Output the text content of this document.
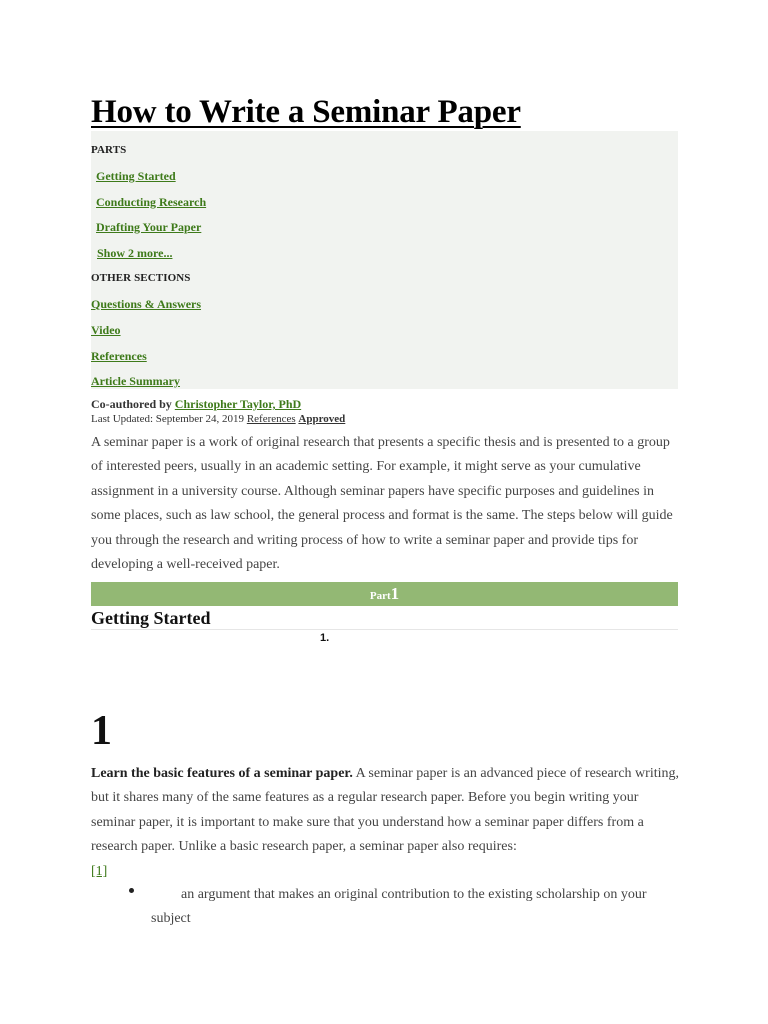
How to Write a Seminar Paper
PARTS
Getting Started
Conducting Research
Drafting Your Paper
Show 2 more...
OTHER SECTIONS
Questions & Answers
Video
References
Article Summary
Co-authored by Christopher Taylor, PhD
Last Updated: September 24, 2019 References Approved

A seminar paper is a work of original research that presents a specific thesis and is presented to a group of interested peers, usually in an academic setting. For example, it might serve as your cumulative assignment in a university course. Although seminar papers have specific purposes and guidelines in some places, such as law school, the general process and format is the same. The steps below will guide you through the research and writing process of how to write a seminar paper and provide tips for developing a well-received paper.

Part1
Getting Started
1.
1

Learn the basic features of a seminar paper. A seminar paper is an advanced piece of research writing, but it shares many of the same features as a regular research paper. Before you begin writing your seminar paper, it is important to make sure that you understand how a seminar paper differs from a research paper. Unlike a basic research paper, a seminar paper also requires:
[1]

an argument that makes an original contribution to the existing scholarship on your subject
